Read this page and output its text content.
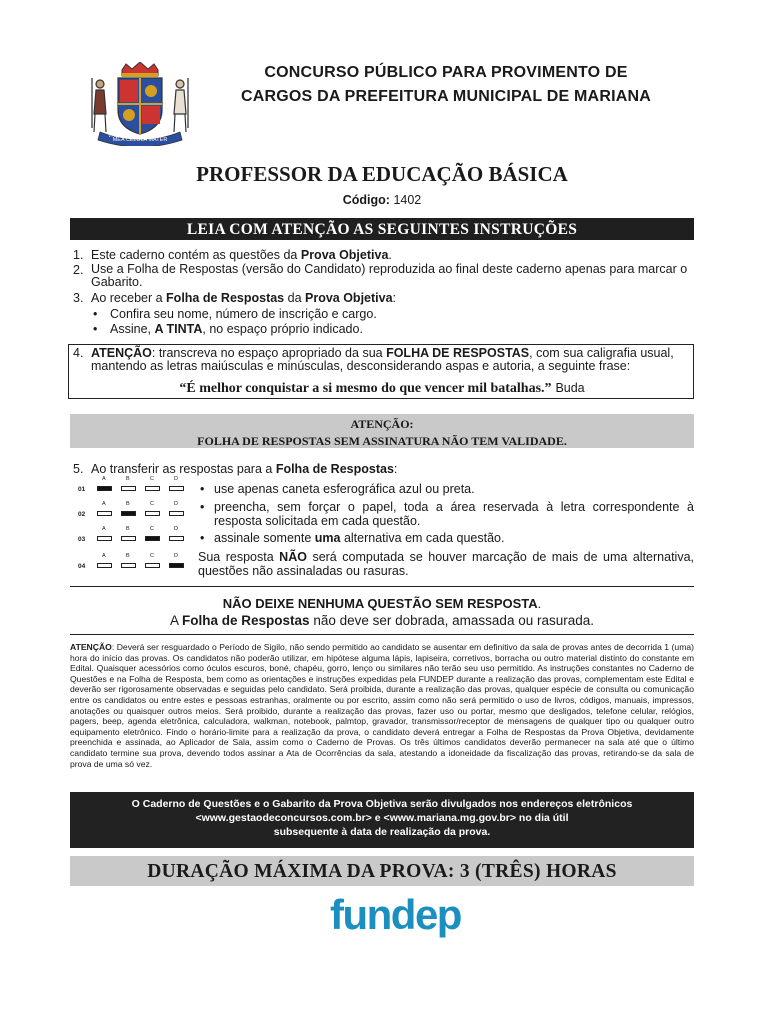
MEA CELULA MATER
VRBS
CONCURSO PÚBLICO PARA PROVIMENTO DE
CARGOS DA PREFEITURA MUNICIPAL DE MARIANA
PROFESSOR DA EDUCAÇÃO BÁSICA
Código: 1402
LEIA COM ATENÇÃO AS SEGUINTES INSTRUÇÕES
1. Este caderno contém as questões da Prova Objetiva.
2. Use a Folha de Respostas (versão do Candidato) reproduzida ao final deste caderno apenas para marcar o Gabarito.
3. Ao receber a Folha de Respostas da Prova Objetiva:
• Confira seu nome, número de inscrição e cargo.
• Assine, A TINTA, no espaço próprio indicado.
4. ATENÇÃO: transcreva no espaço apropriado da sua FOLHA DE RESPOSTAS, com sua caligrafia usual, mantendo as letras maiúsculas e minúsculas, desconsiderando aspas e autoria, a seguinte frase:
“É melhor conquistar a si mesmo do que vencer mil batalhas.” Buda
ATENÇÃO:
FOLHA DE RESPOSTAS SEM ASSINATURA NÃO TEM VALIDADE.
5. Ao transferir as respostas para a Folha de Respostas:
01
A	B	C	D
02
A	B	C	D
03
A	B	C	D
04
A	B	C	D
• use apenas caneta esferográfica azul ou preta.
• preencha, sem forçar o papel, toda a área reservada à letra correspondente à resposta solicitada em cada questão.
• assinale somente uma alternativa em cada questão.
Sua resposta NÃO será computada se houver marcação de mais de uma alternativa, questões não assinaladas ou rasuras.
NÃO DEIXE NENHUMA QUESTÃO SEM RESPOSTA.
A Folha de Respostas não deve ser dobrada, amassada ou rasurada.
ATENÇÃO: Deverá ser resguardado o Período de Sigilo, não sendo permitido ao candidato se ausentar em definitivo da sala de provas antes de decorrida 1 (uma) hora do início das provas. Os candidatos não poderão utilizar, em hipótese alguma lápis, lapiseira, corretivos, borracha ou outro material distinto do constante em Edital. Quaisquer acessórios como óculos escuros, boné, chapéu, gorro, lenço ou similares não terão seu uso permitido. As instruções constantes no Caderno de Questões e na Folha de Resposta, bem como as orientações e instruções expedidas pela FUNDEP durante a realização das provas, complementam este Edital e deverão ser rigorosamente observadas e seguidas pelo candidato. Será proibida, durante a realização das provas, qualquer espécie de consulta ou comunicação entre os candidatos ou entre estes e pessoas estranhas, oralmente ou por escrito, assim como não será permitido o uso de livros, códigos, manuais, impressos, anotações ou quaisquer outros meios. Será proibido, durante a realização das provas, fazer uso ou portar, mesmo que desligados, telefone celular, relógios, pagers, beep, agenda eletrônica, calculadora, walkman, notebook, palmtop, gravador, transmissor/receptor de mensagens de qualquer tipo ou qualquer outro equipamento eletrônico. Findo o horário-limite para a realização da prova, o candidato deverá entregar a Folha de Respostas da Prova Objetiva, devidamente preenchida e assinada, ao Aplicador de Sala, assim como o Caderno de Provas. Os três últimos candidatos deverão permanecer na sala até que o último candidato termine sua prova, devendo todos assinar a Ata de Ocorrências da sala, atestando a idoneidade da fiscalização das provas, retirando-se da sala de prova de uma só vez.
O Caderno de Questões e o Gabarito da Prova Objetiva serão divulgados nos endereços eletrônicos
<www.gestaodeconcursos.com.br> e <www.mariana.mg.gov.br> no dia útil
subsequente à data de realização da prova.
DURAÇÃO MÁXIMA DA PROVA: 3 (TRÊS) HORAS
fundep
